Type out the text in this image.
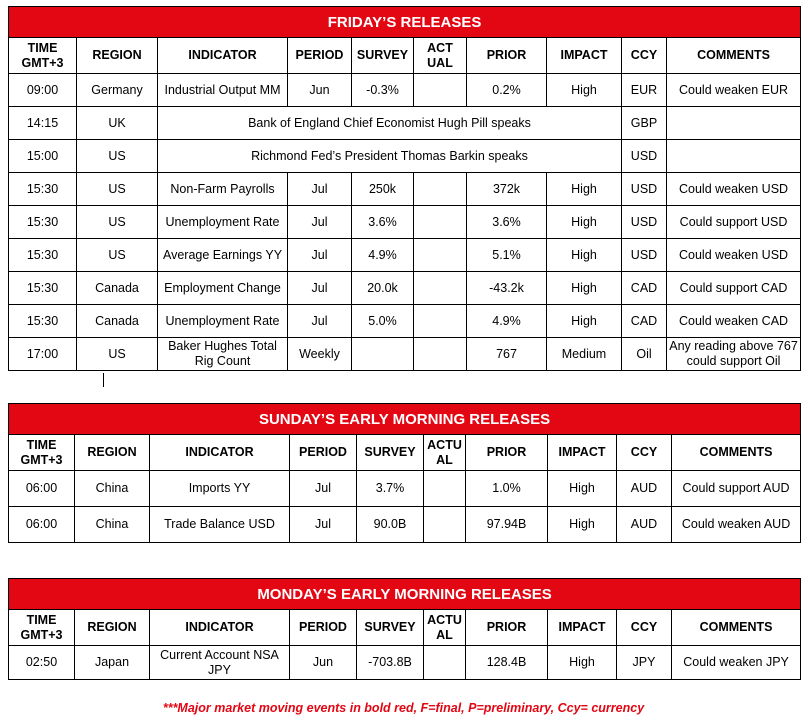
FRIDAY’S RELEASES									
TIME GMT+3	REGION	INDICATOR	PERIOD	SURVEY	ACT UAL	PRIOR	IMPACT	CCY	COMMENTS
09:00	Germany	Industrial Output MM	Jun	-0.3%		0.2%	High	EUR	Could weaken EUR
14:15	UK	Bank of England Chief Economist Hugh Pill speaks						GBP	
15:00	US	Richmond Fed’s President Thomas Barkin speaks						USD	
15:30	US	Non-Farm Payrolls	Jul	250k		372k	High	USD	Could weaken USD
15:30	US	Unemployment Rate	Jul	3.6%		3.6%	High	USD	Could support USD
15:30	US	Average Earnings YY	Jul	4.9%		5.1%	High	USD	Could weaken USD
15:30	Canada	Employment Change	Jul	20.0k		-43.2k	High	CAD	Could support CAD
15:30	Canada	Unemployment Rate	Jul	5.0%		4.9%	High	CAD	Could weaken CAD
17:00	US	Baker Hughes Total Rig Count	Weekly			767	Medium	Oil	Any reading above 767 could support Oil
SUNDAY’S EARLY MORNING RELEASES									
TIME GMT+3	REGION	INDICATOR	PERIOD	SURVEY	ACTU AL	PRIOR	IMPACT	CCY	COMMENTS
06:00	China	Imports YY	Jul	3.7%		1.0%	High	AUD	Could support AUD
06:00	China	Trade Balance USD	Jul	90.0B		97.94B	High	AUD	Could weaken AUD
MONDAY’S EARLY MORNING RELEASES									
TIME GMT+3	REGION	INDICATOR	PERIOD	SURVEY	ACTU AL	PRIOR	IMPACT	CCY	COMMENTS
02:50	Japan	Current Account NSA JPY	Jun	-703.8B		128.4B	High	JPY	Could weaken JPY
***Major market moving events in bold red, F=final, P=preliminary, Ccy= currency
